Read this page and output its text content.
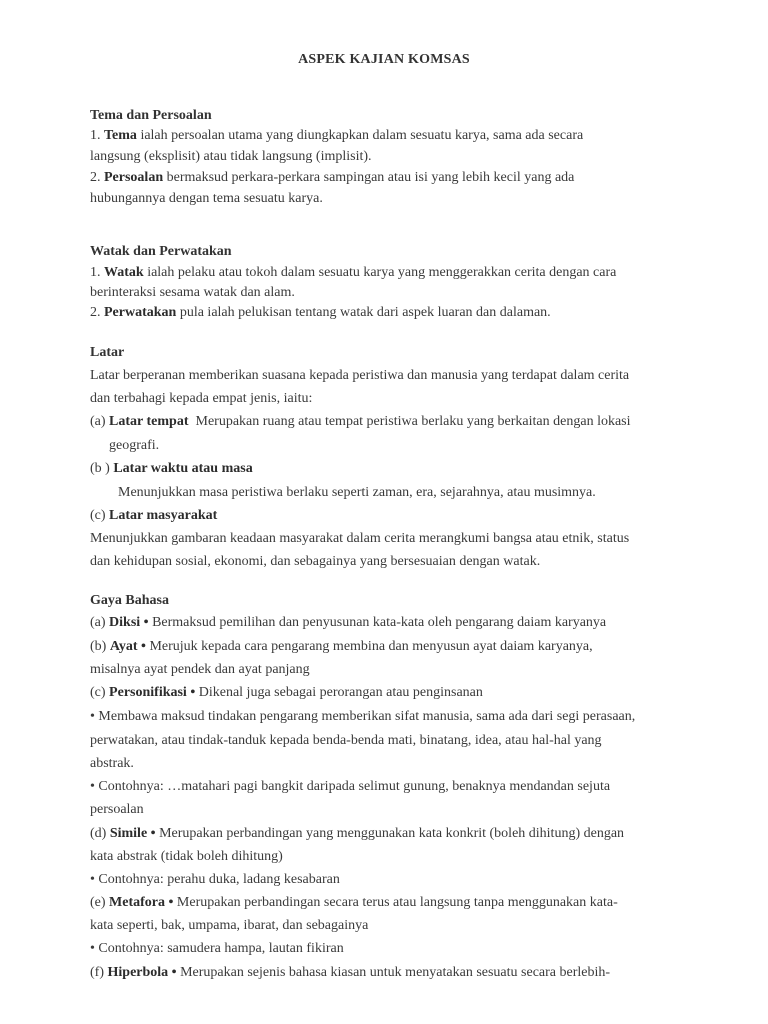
ASPEK KAJIAN KOMSAS

Tema dan Persoalan

1. Tema ialah persoalan utama yang diungkapkan dalam sesuatu karya, sama ada secara

langsung (eksplisit) atau tidak langsung (implisit).

2. Persoalan bermaksud perkara-perkara sampingan atau isi yang lebih kecil yang ada

hubungannya dengan tema sesuatu karya.

Watak dan Perwatakan

1. Watak ialah pelaku atau tokoh dalam sesuatu karya yang menggerakkan cerita dengan cara

berinteraksi sesama watak dan alam.

2. Perwatakan pula ialah pelukisan tentang watak dari aspek luaran dan dalaman.

Latar

Latar berperanan memberikan suasana kepada peristiwa dan manusia yang terdapat dalam cerita

dan terbahagi kepada empat jenis, iaitu:

(a) Latar tempat Merupakan ruang atau tempat peristiwa berlaku yang berkaitan dengan lokasi

geografi.

(b ) Latar waktu atau masa

Menunjukkan masa peristiwa berlaku seperti zaman, era, sejarahnya, atau musimnya.

(c) Latar masyarakat

Menunjukkan gambaran keadaan masyarakat dalam cerita merangkumi bangsa atau etnik, status

dan kehidupan sosial, ekonomi, dan sebagainya yang bersesuaian dengan watak.

Gaya Bahasa

(a) Diksi • Bermaksud pemilihan dan penyusunan kata-kata oleh pengarang daiam karyanya

(b) Ayat • Merujuk kepada cara pengarang membina dan menyusun ayat daiam karyanya,

misalnya ayat pendek dan ayat panjang

(c) Personifikasi • Dikenal juga sebagai perorangan atau penginsanan

• Membawa maksud tindakan pengarang memberikan sifat manusia, sama ada dari segi perasaan,

perwatakan, atau tindak-tanduk kepada benda-benda mati, binatang, idea, atau hal-hal yang

abstrak.

• Contohnya: …matahari pagi bangkit daripada selimut gunung, benaknya mendandan sejuta

persoalan

(d) Simile • Merupakan perbandingan yang menggunakan kata konkrit (boleh dihitung) dengan

kata abstrak (tidak boleh dihitung)

• Contohnya: perahu duka, ladang kesabaran

(e) Metafora • Merupakan perbandingan secara terus atau langsung tanpa menggunakan kata-

kata seperti, bak, umpama, ibarat, dan sebagainya

• Contohnya: samudera hampa, lautan fikiran

(f) Hiperbola • Merupakan sejenis bahasa kiasan untuk menyatakan sesuatu secara berlebih-
